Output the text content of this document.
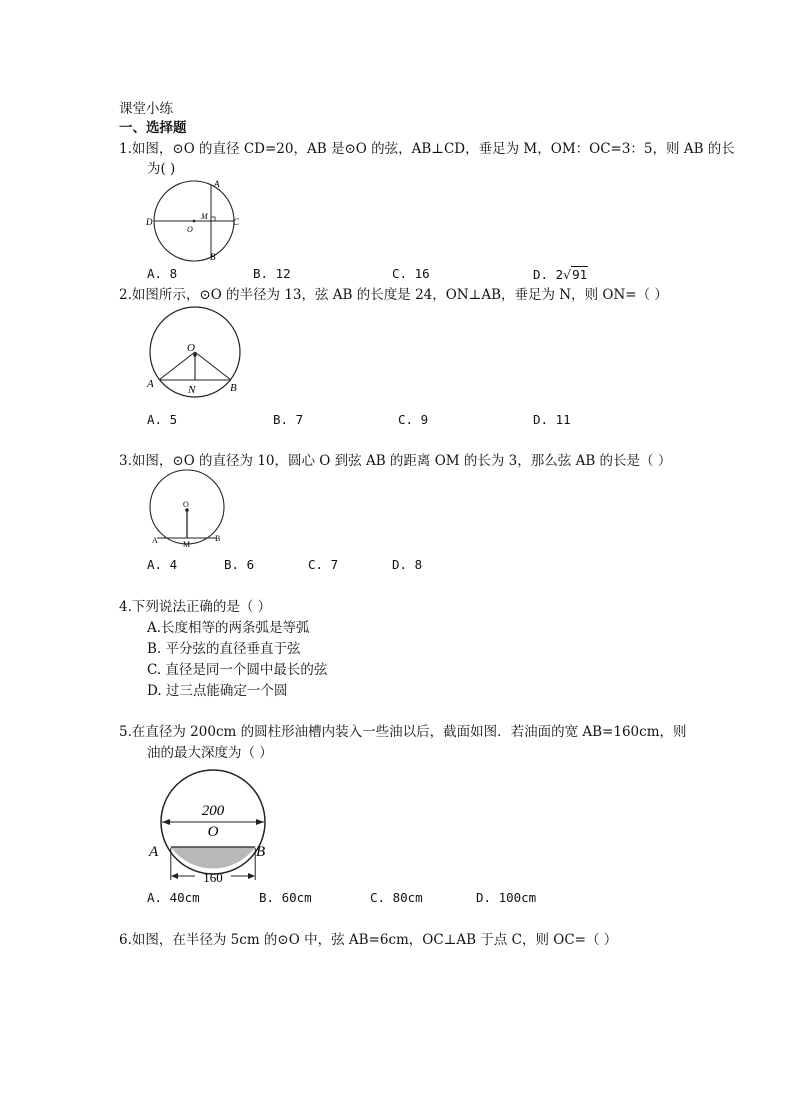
课堂小练
一、选择题
1.如图，⊙O 的直径 CD=20，AB 是⊙O 的弦，AB⊥CD，垂足为 M，OM：OC=3：5，则 AB 的长
为( )
A
B
C
D
M
O
A. 8	B. 12	C. 16	D. 2√91
2.如图所示，⊙O 的半径为 13，弦 AB 的长度是 24，ON⊥AB，垂足为 N，则 ON=（ ）
O
A	B
N
A. 5	B. 7	C. 9	D. 11
3.如图，⊙O 的直径为 10，圆心 O 到弦 AB 的距离 OM 的长为 3，那么弦 AB 的长是（ ）
O
A	B
M
A. 4	B. 6	C. 7	D. 8
4.下列说法正确的是（ ）
A.长度相等的两条弧是等弧
B. 平分弦的直径垂直于弦
C. 直径是同一个圆中最长的弦
D. 过三点能确定一个圆
5.在直径为 200cm 的圆柱形油槽内装入一些油以后，截面如图．若油面的宽 AB=160cm，则
油的最大深度为（ ）
200
O
A	B
160
A. 40cm	B. 60cm	C. 80cm	D. 100cm
6.如图，在半径为 5cm 的⊙O 中，弦 AB=6cm，OC⊥AB 于点 C，则 OC=（ ）
